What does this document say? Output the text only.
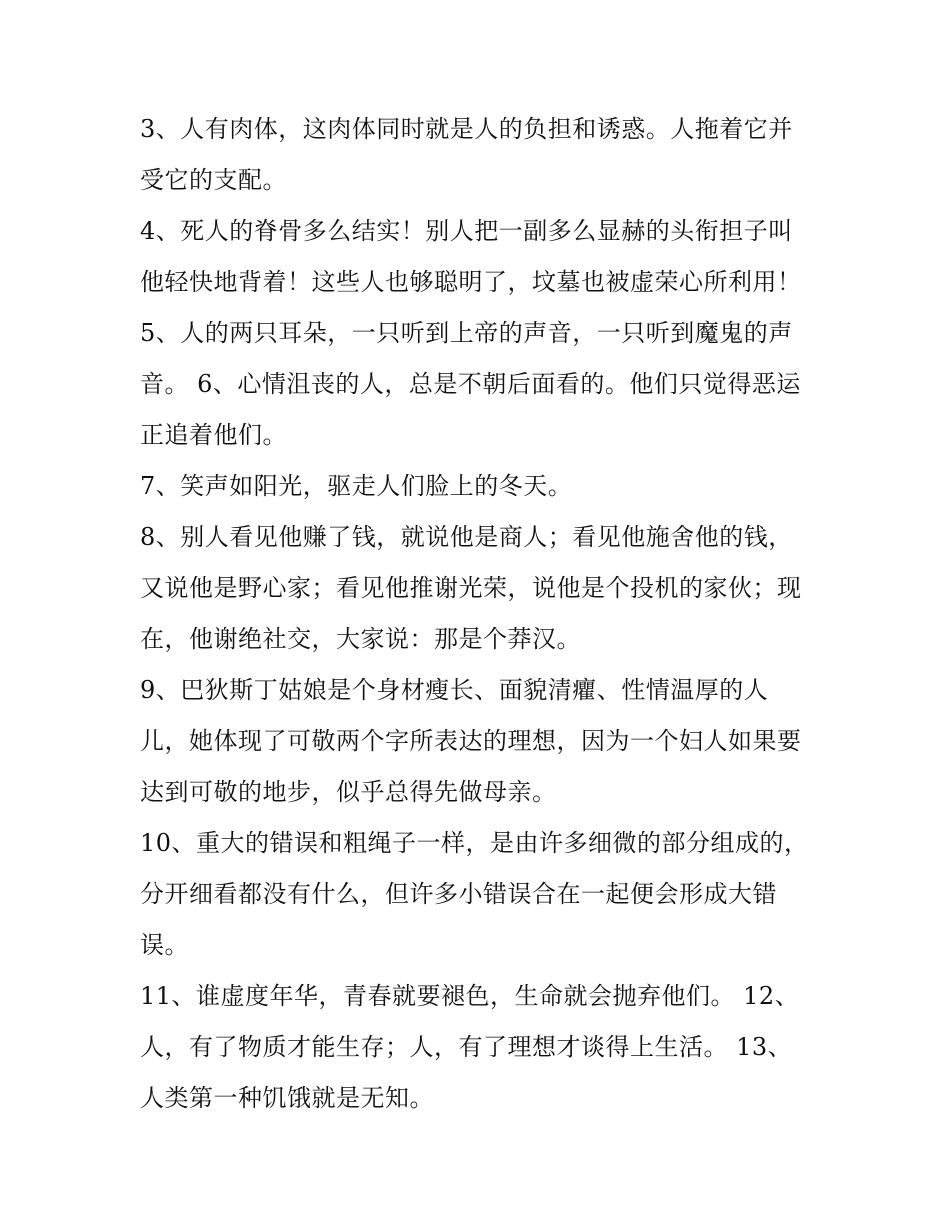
3、人有肉体，这肉体同时就是人的负担和诱惑。人拖着它并
受它的支配。
4、死人的脊骨多么结实！别人把一副多么显赫的头衔担子叫
他轻快地背着！这些人也够聪明了，坟墓也被虚荣心所利用！
5、人的两只耳朵，一只听到上帝的声音，一只听到魔鬼的声
音。 6、心情沮丧的人，总是不朝后面看的。他们只觉得恶运
正追着他们。
7、笑声如阳光，驱走人们脸上的冬天。
8、别人看见他赚了钱，就说他是商人；看见他施舍他的钱，
又说他是野心家；看见他推谢光荣，说他是个投机的家伙；现
在，他谢绝社交，大家说：那是个莽汉。
9、巴狄斯丁姑娘是个身材瘦长、面貌清癯、性情温厚的人
儿，她体现了可敬两个字所表达的理想，因为一个妇人如果要
达到可敬的地步，似乎总得先做母亲。
10、重大的错误和粗绳子一样，是由许多细微的部分组成的，
分开细看都没有什么，但许多小错误合在一起便会形成大错
误。
11、谁虚度年华，青春就要褪色，生命就会抛弃他们。 12、
人，有了物质才能生存；人，有了理想才谈得上生活。 13、
人类第一种饥饿就是无知。
